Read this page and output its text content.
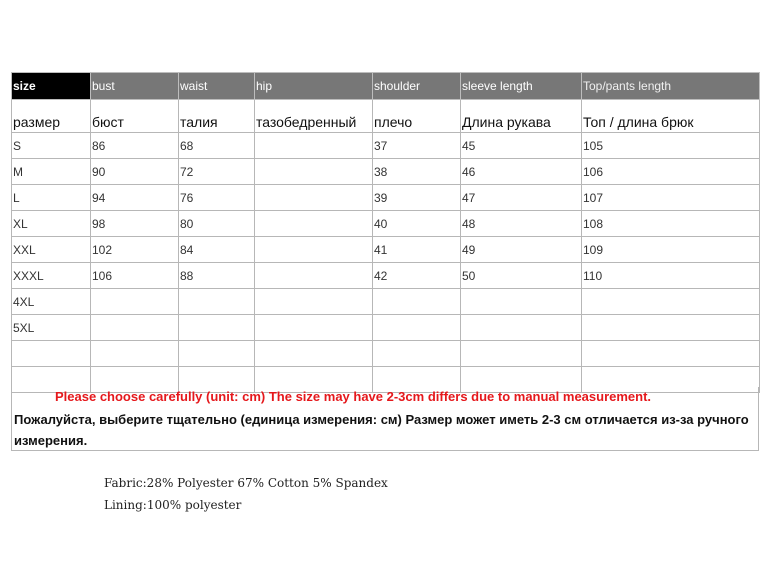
size	bust	waist	hip	shoulder	sleeve length	Top/pants length
размер	бюст	талия	тазобедренный	плечо	Длина рукава	Топ / длина брюк
S	86	68		37	45	105
M	90	72		38	46	106
L	94	76		39	47	107
XL	98	80		40	48	108
XXL	102	84		41	49	109
XXXL	106	88		42	50	110
4XL						
5XL						

Please choose carefully (unit: cm) The size may have 2-3cm differs due to manual measurement.
Пожалуйста, выберите тщательно (единица измерения: см) Размер может иметь 2-3 см отличается из-за ручного измерения.
Fabric:28% Polyester 67% Cotton 5% Spandex
Lining:100% polyester
